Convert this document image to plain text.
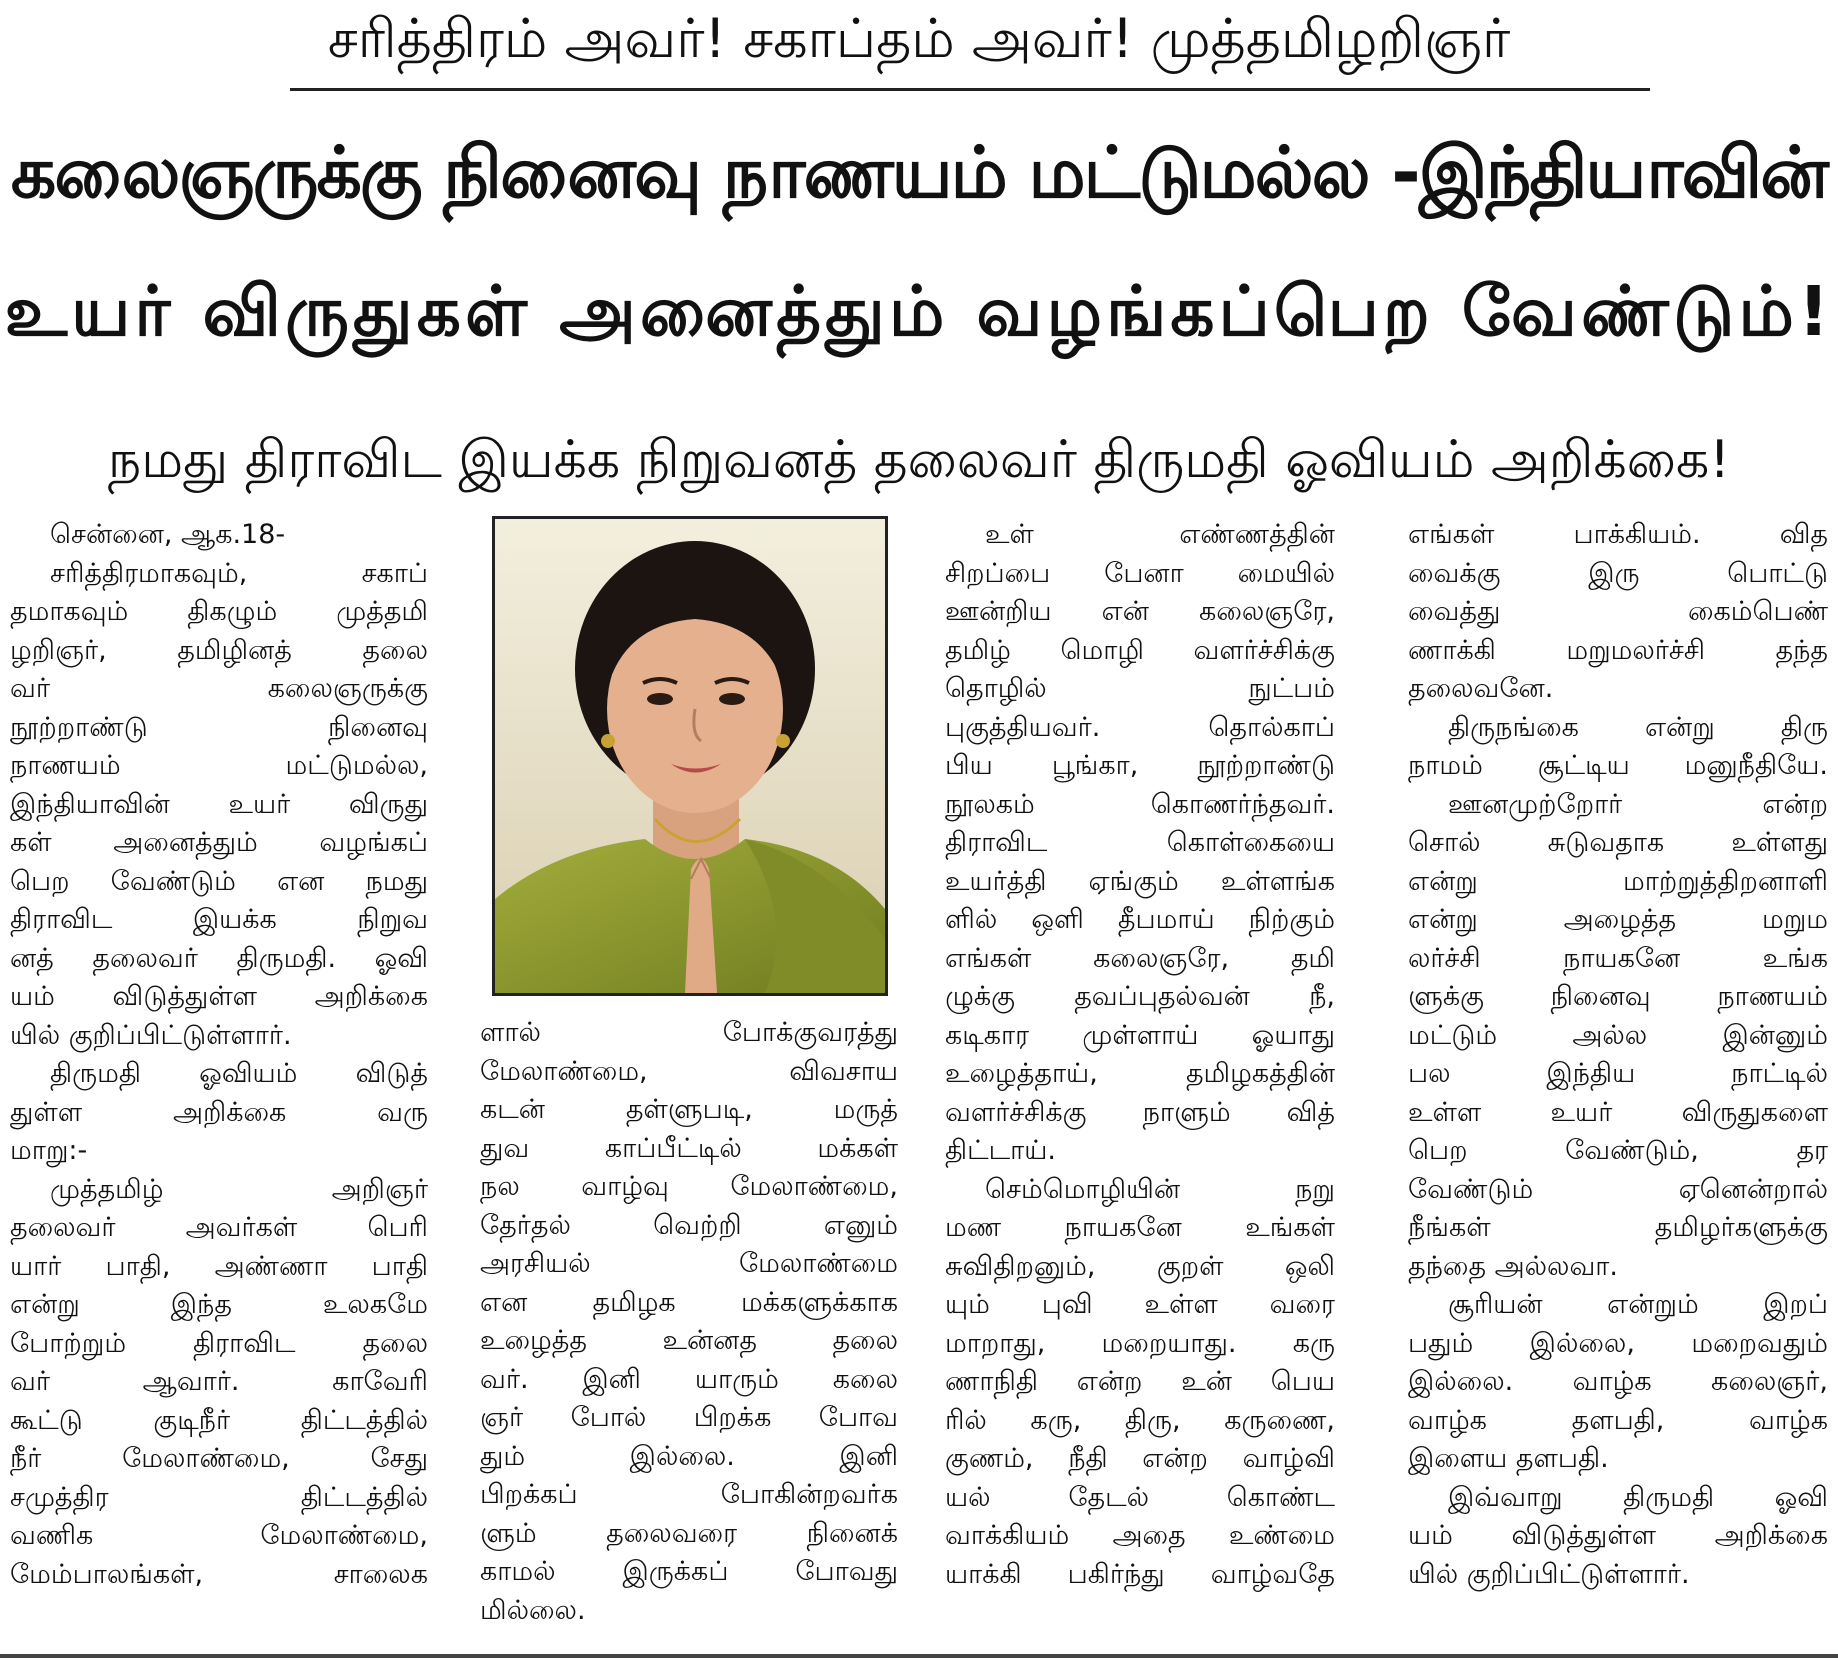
சரித்திரம் அவர்! சகாப்தம் அவர்! முத்தமிழறிஞர்
கலைஞருக்கு நினைவு நாணயம் மட்டுமல்ல -இந்தியாவின்
உயர் விருதுகள் அனைத்தும் வழங்கப்பெற வேண்டும்!
நமது திராவிட இயக்க நிறுவனத் தலைவர் திருமதி ஓவியம் அறிக்கை!
சென்னை, ஆக.18-
சரித்திரமாகவும், சகாப்
தமாகவும் திகழும் முத்தமி
ழறிஞர், தமிழினத் தலை
வர் கலைஞருக்கு
நூற்றாண்டு நினைவு
நாணயம் மட்டுமல்ல,
இந்தியாவின் உயர் விருது
கள் அனைத்தும் வழங்கப்
பெற வேண்டும் என நமது
திராவிட இயக்க நிறுவ
னத் தலைவர் திருமதி. ஓவி
யம் விடுத்துள்ள அறிக்கை
யில் குறிப்பிட்டுள்ளார்.
திருமதி ஓவியம் விடுத்
துள்ள அறிக்கை வரு
மாறு:-
முத்தமிழ் அறிஞர்
தலைவர் அவர்கள் பெரி
யார் பாதி, அண்ணா பாதி
என்று இந்த உலகமே
போற்றும் திராவிட தலை
வர் ஆவார். காவேரி
கூட்டு குடிநீர் திட்டத்தில்
நீர் மேலாண்மை, சேது
சமுத்திர திட்டத்தில்
வணிக மேலாண்மை,
மேம்பாலங்கள், சாலைக
ளால் போக்குவரத்து
மேலாண்மை, விவசாய
கடன் தள்ளுபடி, மருத்
துவ காப்பீட்டில் மக்கள்
நல வாழ்வு மேலாண்மை,
தேர்தல் வெற்றி எனும்
அரசியல் மேலாண்மை
என தமிழக மக்களுக்காக
உழைத்த உன்னத தலை
வர். இனி யாரும் கலை
ஞர் போல் பிறக்க போவ
தும் இல்லை. இனி
பிறக்கப் போகின்றவர்க
ளும் தலைவரை நினைக்
காமல் இருக்கப் போவது
மில்லை.
உள் எண்ணத்தின்
சிறப்பை பேனா மையில்
ஊன்றிய என் கலைஞரே,
தமிழ் மொழி வளர்ச்சிக்கு
தொழில் நுட்பம்
புகுத்தியவர். தொல்காப்
பிய பூங்கா, நூற்றாண்டு
நூலகம் கொணர்ந்தவர்.
திராவிட கொள்கையை
உயர்த்தி ஏங்கும் உள்ளங்க
ளில் ஒளி தீபமாய் நிற்கும்
எங்கள் கலைஞரே, தமி
ழுக்கு தவப்புதல்வன் நீ,
கடிகார முள்ளாய் ஓயாது
உழைத்தாய், தமிழகத்தின்
வளர்ச்சிக்கு நாளும் வித்
திட்டாய்.
செம்மொழியின் நறு
மண நாயகனே உங்கள்
சுவிதிறனும், குறள் ஒலி
யும் புவி உள்ள வரை
மாறாது, மறையாது. கரு
ணாநிதி என்ற உன் பெய
ரில் கரு, திரு, கருணை,
குணம், நீதி என்ற வாழ்வி
யல் தேடல் கொண்ட
வாக்கியம் அதை உண்மை
யாக்கி பகிர்ந்து வாழ்வதே
எங்கள் பாக்கியம். வித
வைக்கு இரு பொட்டு
வைத்து கைம்பெண்
ணாக்கி மறுமலர்ச்சி தந்த
தலைவனே.
திருநங்கை என்று திரு
நாமம் சூட்டிய மனுநீதியே.
ஊனமுற்றோர் என்ற
சொல் சுடுவதாக உள்ளது
என்று மாற்றுத்திறனாளி
என்று அழைத்த மறும
லர்ச்சி நாயகனே உங்க
ளுக்கு நினைவு நாணயம்
மட்டும் அல்ல இன்னும்
பல இந்திய நாட்டில்
உள்ள உயர் விருதுகளை
பெற வேண்டும், தர
வேண்டும் ஏனென்றால்
நீங்கள் தமிழர்களுக்கு
தந்தை அல்லவா.
சூரியன் என்றும் இறப்
பதும் இல்லை, மறைவதும்
இல்லை. வாழ்க கலைஞர்,
வாழ்க தளபதி, வாழ்க
இளைய தளபதி.
இவ்வாறு திருமதி ஓவி
யம் விடுத்துள்ள அறிக்கை
யில் குறிப்பிட்டுள்ளார்.
